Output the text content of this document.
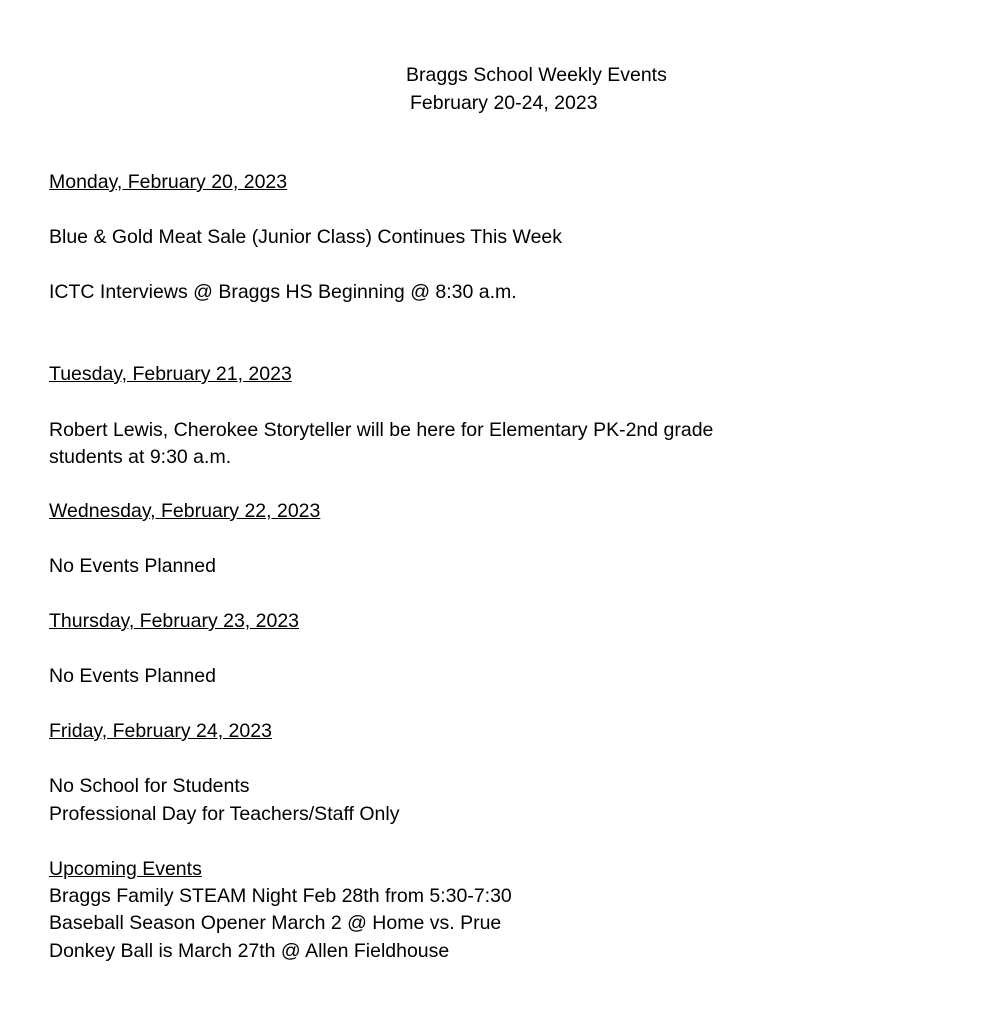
Braggs School Weekly Events
February 20-24, 2023
Monday, February 20, 2023
Blue & Gold Meat Sale (Junior Class) Continues This Week
ICTC Interviews @ Braggs HS Beginning @ 8:30 a.m.
Tuesday, February 21, 2023
Robert Lewis, Cherokee Storyteller will be here for Elementary PK-2nd grade
students at 9:30 a.m.
Wednesday, February 22, 2023
No Events Planned
Thursday, February 23, 2023
No Events Planned
Friday, February 24, 2023
No School for Students
Professional Day for Teachers/Staff Only
Upcoming Events
Braggs Family STEAM Night Feb 28th from 5:30-7:30
Baseball Season Opener March 2 @ Home vs. Prue
Donkey Ball is March 27th @ Allen Fieldhouse
